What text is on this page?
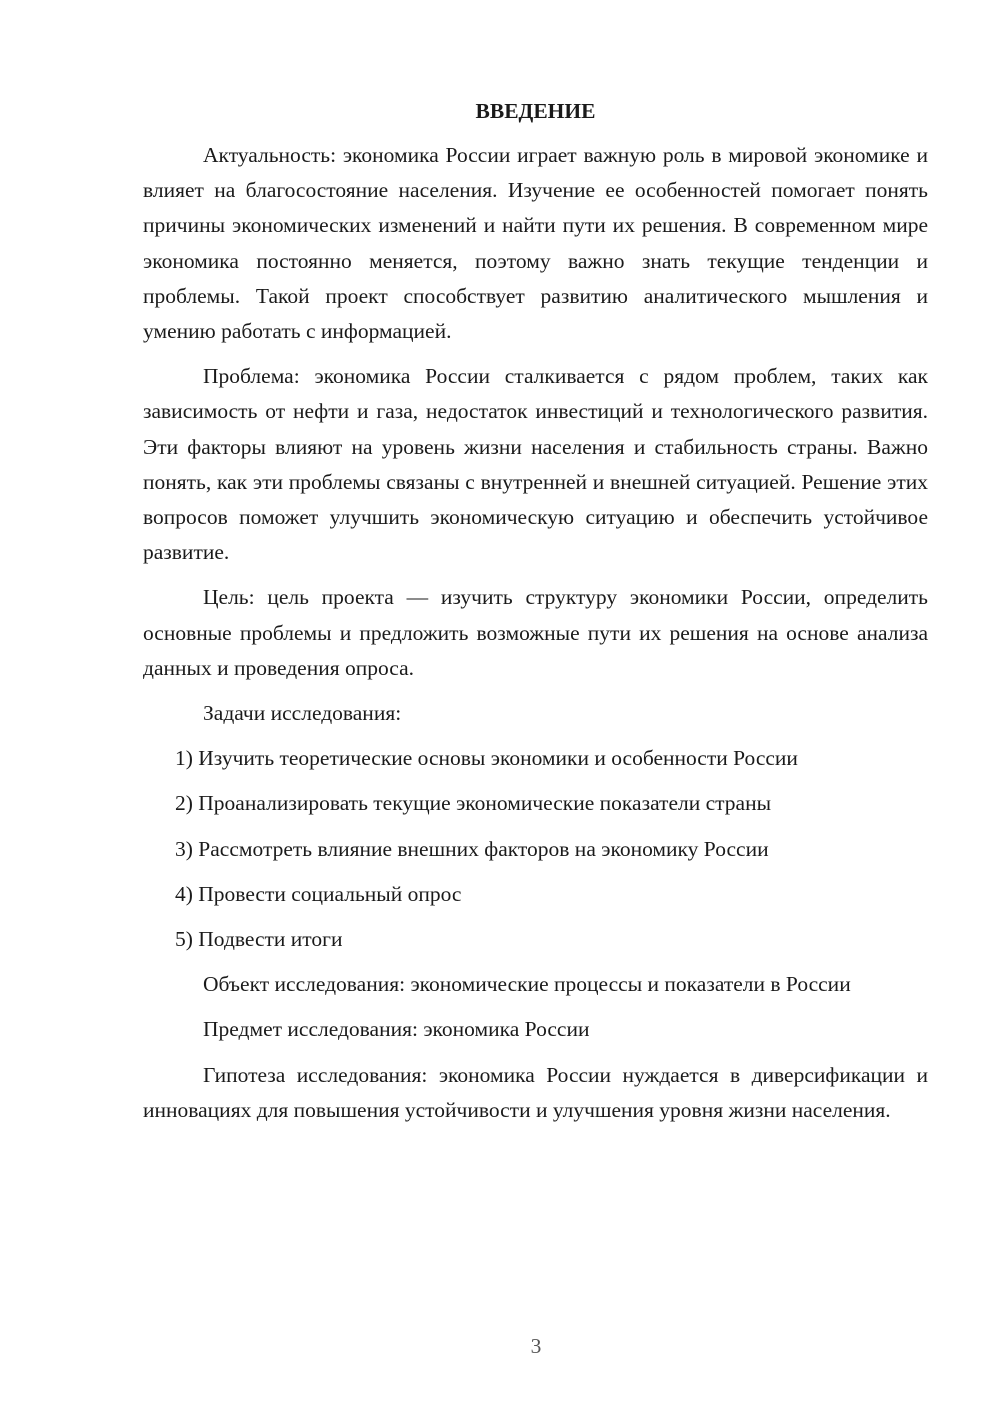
ВВЕДЕНИЕ

Актуальность: экономика России играет важную роль в мировой экономике и влияет на благосостояние населения. Изучение ее особенностей помогает понять причины экономических изменений и найти пути их решения. В современном мире экономика постоянно меняется, поэтому важно знать текущие тенденции и проблемы. Такой проект способствует развитию аналитического мышления и умению работать с информацией.

Проблема: экономика России сталкивается с рядом проблем, таких как зависимость от нефти и газа, недостаток инвестиций и технологического развития. Эти факторы влияют на уровень жизни населения и стабильность страны. Важно понять, как эти проблемы связаны с внутренней и внешней ситуацией. Решение этих вопросов поможет улучшить экономическую ситуацию и обеспечить устойчивое развитие.

Цель: цель проекта — изучить структуру экономики России, определить основные проблемы и предложить возможные пути их решения на основе анализа данных и проведения опроса.

Задачи исследования:

1) Изучить теоретические основы экономики и особенности России

2) Проанализировать текущие экономические показатели страны

3) Рассмотреть влияние внешних факторов на экономику России

4) Провести социальный опрос

5) Подвести итоги

Объект исследования: экономические процессы и показатели в России

Предмет исследования: экономика России

Гипотеза исследования: экономика России нуждается в диверсификации и инновациях для повышения устойчивости и улучшения уровня жизни населения.

3
